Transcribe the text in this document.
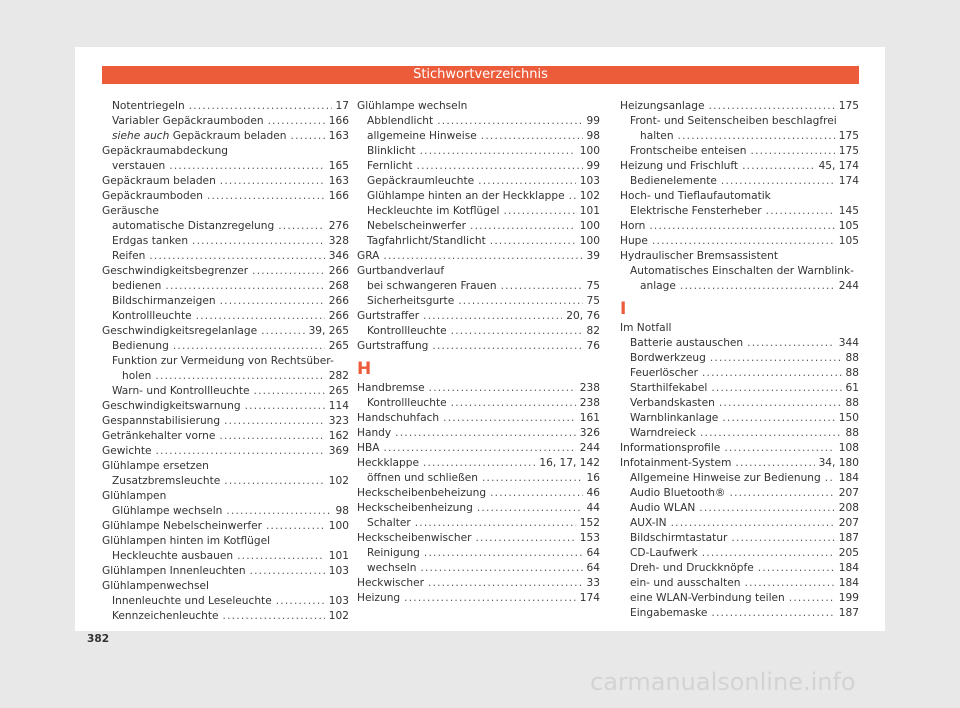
Stichwortverzeichnis
Notentriegeln .....	17
Variabler Gepäckraumboden .....	166
siehe auch Gepäckraum beladen .....	163
Gepäckraumabdeckung
verstauen .....	165
Gepäckraum beladen .....	163
Gepäckraumboden .....	166
Geräusche
automatische Distanzregelung .....	276
Erdgas tanken .....	328
Reifen .....	346
Geschwindigkeitsbegrenzer .....	266
bedienen .....	268
Bildschirmanzeigen .....	266
Kontrollleuchte .....	266
Geschwindigkeitsregelanlage .....	39, 265
Bedienung .....	265
Funktion zur Vermeidung von Rechtsüber-
holen .....	282
Warn- und Kontrollleuchte .....	265
Geschwindigkeitswarnung .....	114
Gespannstabilisierung .....	323
Getränkehalter vorne .....	162
Gewichte .....	369
Glühlampe ersetzen
Zusatzbremsleuchte .....	102
Glühlampen
Glühlampe wechseln .....	98
Glühlampe Nebelscheinwerfer .....	100
Glühlampen hinten im Kotflügel
Heckleuchte ausbauen .....	101
Glühlampen Innenleuchten .....	103
Glühlampenwechsel
Innenleuchte und Leseleuchte .....	103
Kennzeichenleuchte .....	102
Glühlampe wechseln
Abblendlicht .....	99
allgemeine Hinweise .....	98
Blinklicht .....	100
Fernlicht .....	99
Gepäckraumleuchte .....	103
Glühlampe hinten an der Heckklappe ..... 102
Heckleuchte im Kotflügel .....	101
Nebelscheinwerfer .....	100
Tagfahrlicht/Standlicht .....	100
GRA .....	39
Gurtbandverlauf
bei schwangeren Frauen .....	75
Sicherheitsgurte .....	75
Gurtstraffer .....	20, 76
Kontrollleuchte .....	82
Gurtstraffung .....	76
H
Handbremse .....	238
Kontrollleuchte .....	238
Handschuhfach .....	161
Handy .....	326
HBA .....	244
Heckklappe .....	16, 17, 142
öffnen und schließen .....	16
Heckscheibenbeheizung .....	46
Heckscheibenheizung .....	44
Schalter .....	152
Heckscheibenwischer .....	153
Reinigung .....	64
wechseln .....	64
Heckwischer .....	33
Heizung .....	174
Heizungsanlage .....	175
Front- und Seitenscheiben beschlagfrei
halten .....	175
Frontscheibe enteisen .....	175
Heizung und Frischluft .....	45, 174
Bedienelemente .....	174
Hoch- und Tieflaufautomatik
Elektrische Fensterheber .....	145
Horn .....	105
Hupe .....	105
Hydraulischer Bremsassistent
Automatisches Einschalten der Warnblink-
anlage .....	244
I
Im Notfall
Batterie austauschen .....	344
Bordwerkzeug .....	88
Feuerlöscher .....	88
Starthilfekabel .....	61
Verbandskasten .....	88
Warnblinkanlage .....	150
Warndreieck .....	88
Informationsprofile .....	108
Infotainment-System .....	34, 180
Allgemeine Hinweise zur Bedienung ..... 184
Audio Bluetooth® .....	207
Audio WLAN .....	208
AUX-IN .....	207
Bildschirmtastatur .....	187
CD-Laufwerk .....	205
Dreh- und Druckknöpfe .....	184
ein- und ausschalten .....	184
eine WLAN-Verbindung teilen .....	199
Eingabemaske .....	187
382
carmanualsonline.info
